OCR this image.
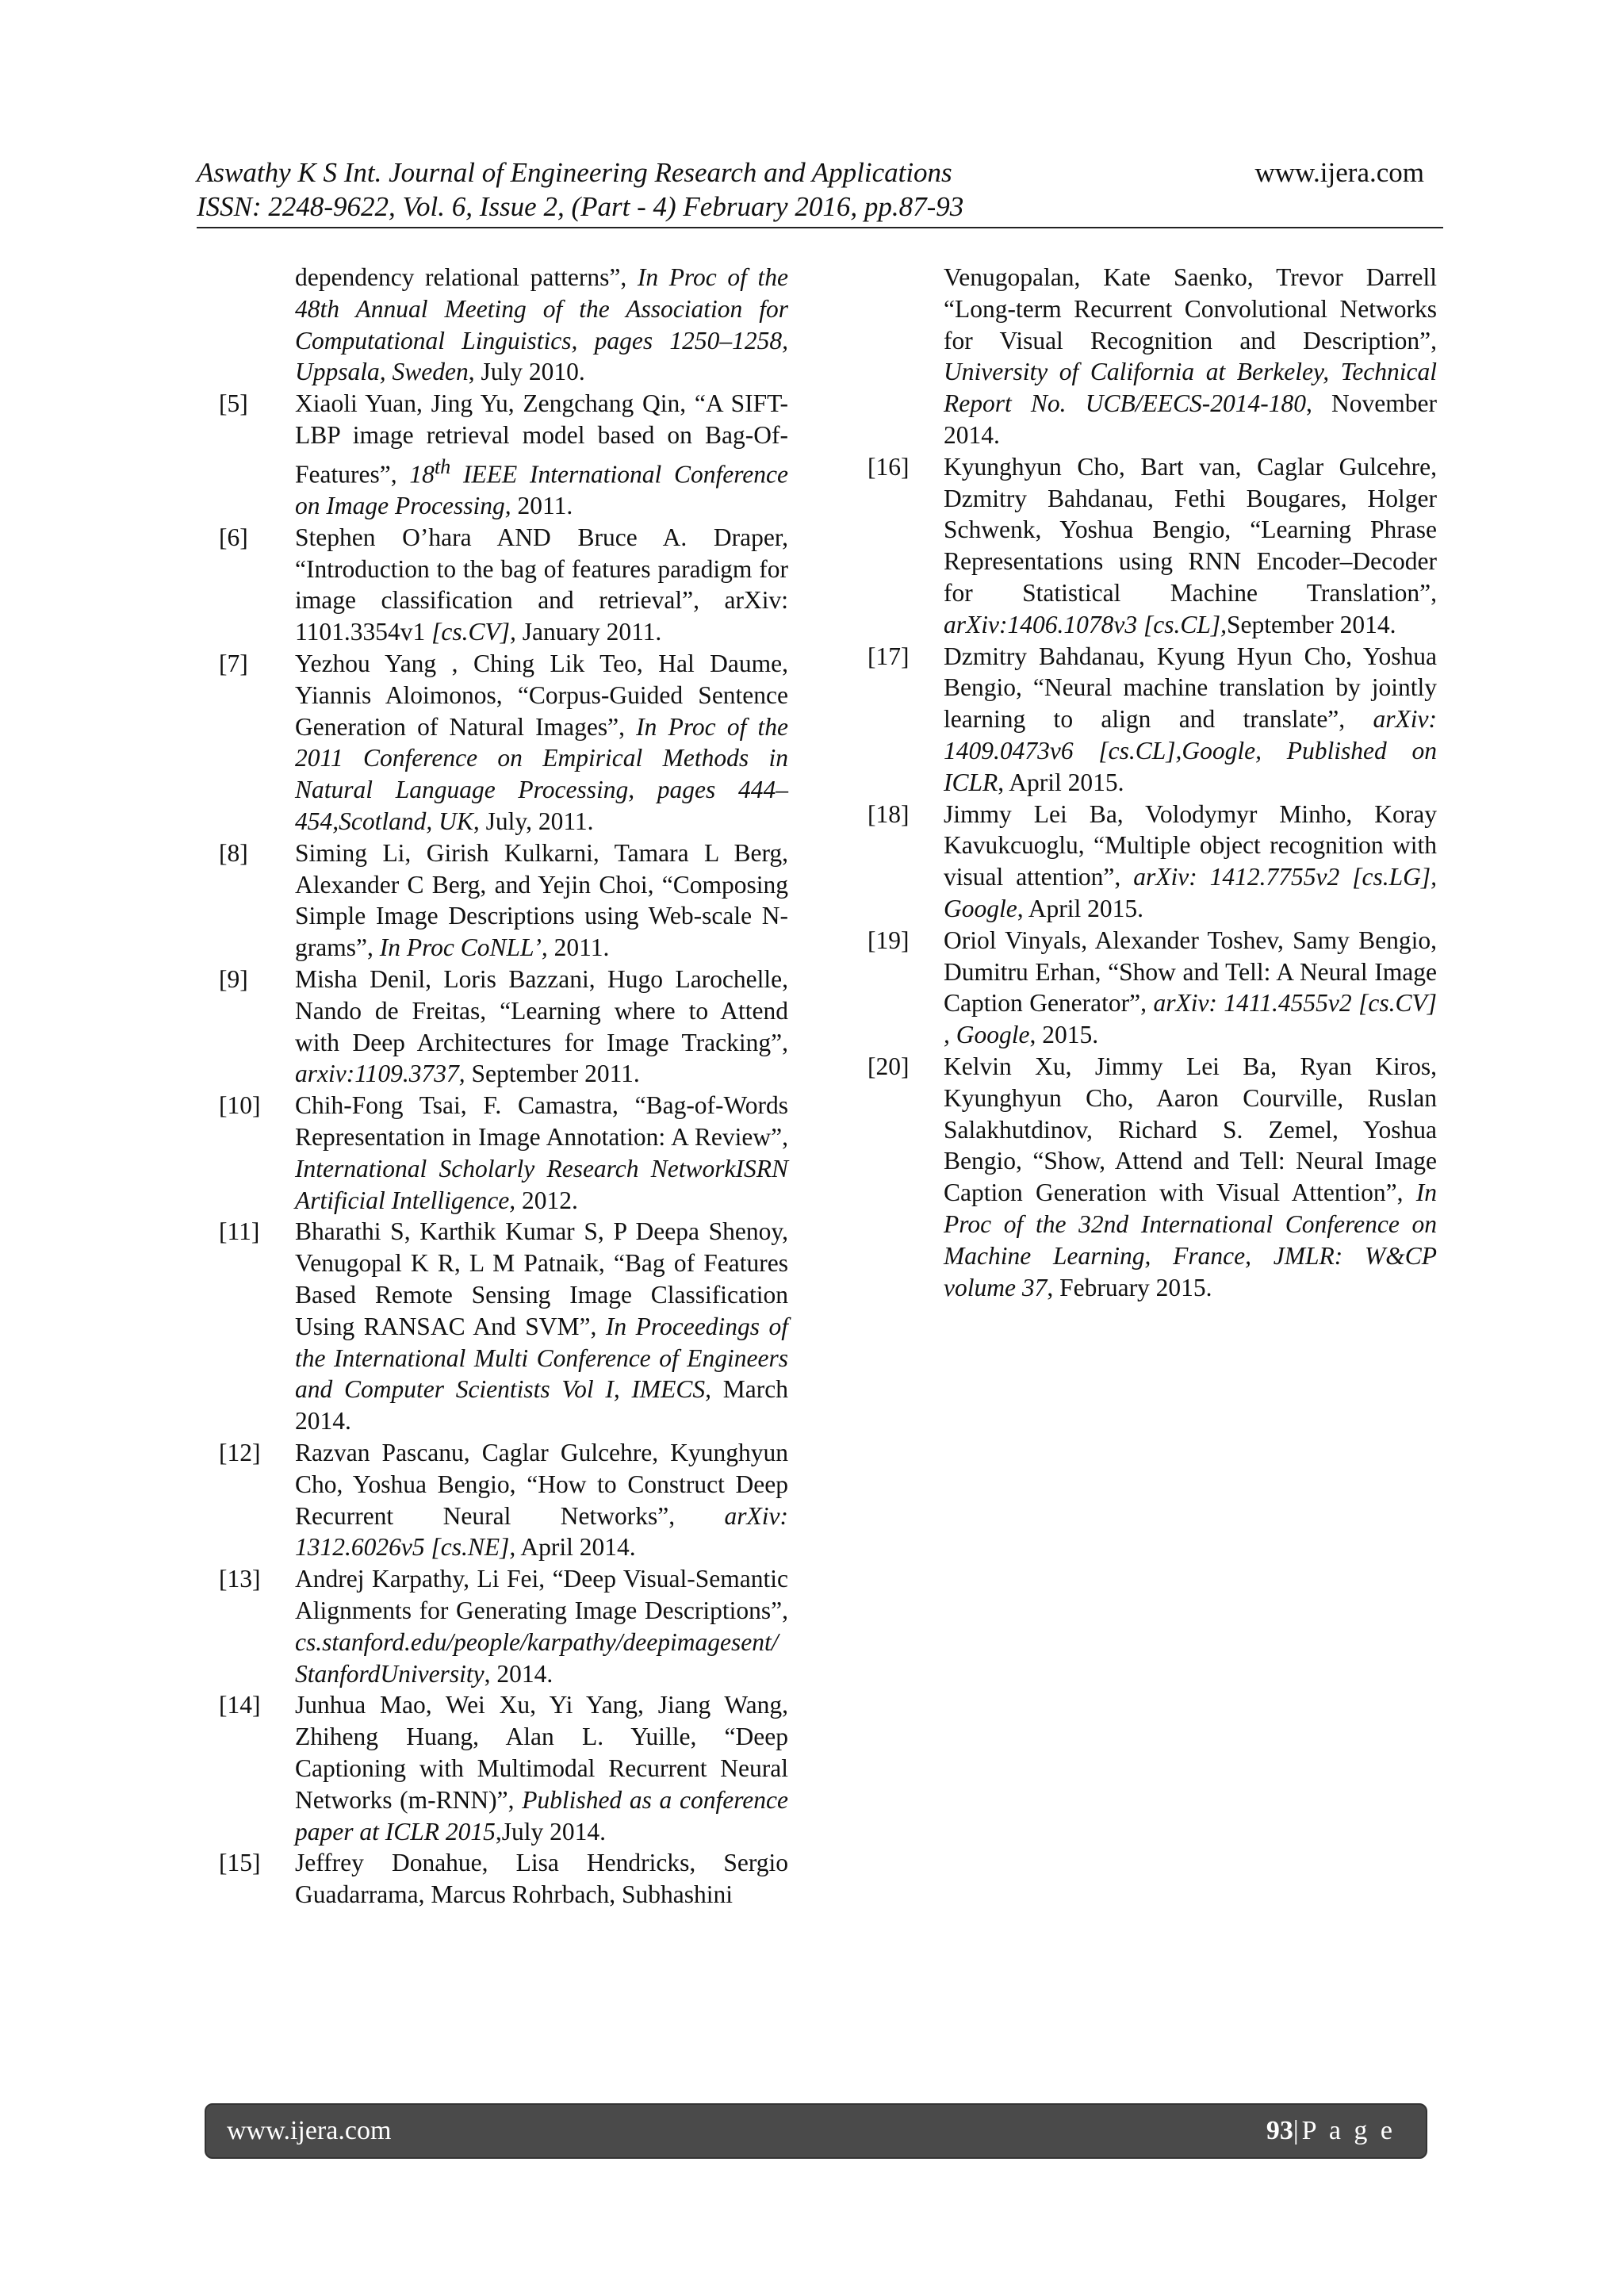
Aswathy K S Int. Journal of Engineering Research and Applications	www.ijera.com
ISSN: 2248-9622, Vol. 6, Issue 2, (Part - 4) February 2016, pp.87-93
dependency relational patterns”, In Proc of the 48th Annual Meeting of the Association for Computational Linguistics, pages 1250–1258, Uppsala, Sweden, July 2010.
[5]	Xiaoli Yuan, Jing Yu, Zengchang Qin, “A SIFT-LBP image retrieval model based on Bag-Of-Features”, 18th IEEE International Conference on Image Processing, 2011.
[6]	Stephen O’hara AND Bruce A. Draper, “Introduction to the bag of features paradigm for image classification and retrieval”, arXiv: 1101.3354v1 [cs.CV], January 2011.
[7]	Yezhou Yang , Ching Lik Teo, Hal Daume, Yiannis Aloimonos, “Corpus-Guided Sentence Generation of Natural Images”, In Proc of the 2011 Conference on Empirical Methods in Natural Language Processing, pages 444–454,Scotland, UK, July, 2011.
[8]	Siming Li, Girish Kulkarni, Tamara L Berg, Alexander C Berg, and Yejin Choi, “Composing Simple Image Descriptions using Web-scale N-grams”, In Proc CoNLL’, 2011.
[9]	Misha Denil, Loris Bazzani, Hugo Larochelle, Nando de Freitas, “Learning where to Attend with Deep Architectures for Image Tracking”, arxiv:1109.3737, September 2011.
[10]	Chih-Fong Tsai, F. Camastra, “Bag-of-Words Representation in Image Annotation: A Review”, International Scholarly Research NetworkISRN Artificial Intelligence, 2012.
[11]	Bharathi S, Karthik Kumar S, P Deepa Shenoy, Venugopal K R, L M Patnaik, “Bag of Features Based Remote Sensing Image Classification Using RANSAC And SVM”, In Proceedings of the International Multi Conference of Engineers and Computer Scientists Vol I, IMECS, March 2014.
[12]	Razvan Pascanu, Caglar Gulcehre, Kyunghyun Cho, Yoshua Bengio, “How to Construct Deep Recurrent Neural Networks”, arXiv: 1312.6026v5 [cs.NE], April 2014.
[13]	Andrej Karpathy, Li Fei, “Deep Visual-Semantic Alignments for Generating Image Descriptions”,cs.stanford.edu/people/karpathy/deepimagesent/StanfordUniversity, 2014.
[14]	Junhua Mao, Wei Xu, Yi Yang, Jiang Wang, Zhiheng Huang, Alan L. Yuille, “Deep Captioning with Multimodal Recurrent Neural Networks (m-RNN)”, Published as a conference paper at ICLR 2015,July 2014.
[15]	Jeffrey Donahue, Lisa Hendricks, Sergio Guadarrama, Marcus Rohrbach, Subhashini
Venugopalan, Kate Saenko, Trevor Darrell “Long-term Recurrent Convolutional Networks for Visual Recognition and Description”, University of California at Berkeley, Technical Report No. UCB/EECS-2014-180, November 2014.
[16]	Kyunghyun Cho, Bart van, Caglar Gulcehre, Dzmitry Bahdanau, Fethi Bougares, Holger Schwenk, Yoshua Bengio, “Learning Phrase Representations using RNN Encoder–Decoder for Statistical Machine Translation”, arXiv:1406.1078v3 [cs.CL],September 2014.
[17]	Dzmitry Bahdanau, Kyung Hyun Cho, Yoshua Bengio, “Neural machine translation by jointly learning to align and translate”, arXiv: 1409.0473v6 [cs.CL],Google, Published on ICLR, April 2015.
[18]	Jimmy Lei Ba, Volodymyr Minho, Koray Kavukcuoglu, “Multiple object recognition with visual attention”, arXiv: 1412.7755v2 [cs.LG], Google, April 2015.
[19]	Oriol Vinyals, Alexander Toshev, Samy Bengio, Dumitru Erhan, “Show and Tell: A Neural Image Caption Generator”, arXiv: 1411.4555v2 [cs.CV] , Google, 2015.
[20]	Kelvin Xu, Jimmy Lei Ba, Ryan Kiros, Kyunghyun Cho, Aaron Courville, Ruslan Salakhutdinov, Richard S. Zemel, Yoshua Bengio, “Show, Attend and Tell: Neural Image Caption Generation with Visual Attention”, In Proc of the 32nd International Conference on Machine Learning, France, JMLR: W&CP volume 37, February 2015.
www.ijera.com	93|P a g e
